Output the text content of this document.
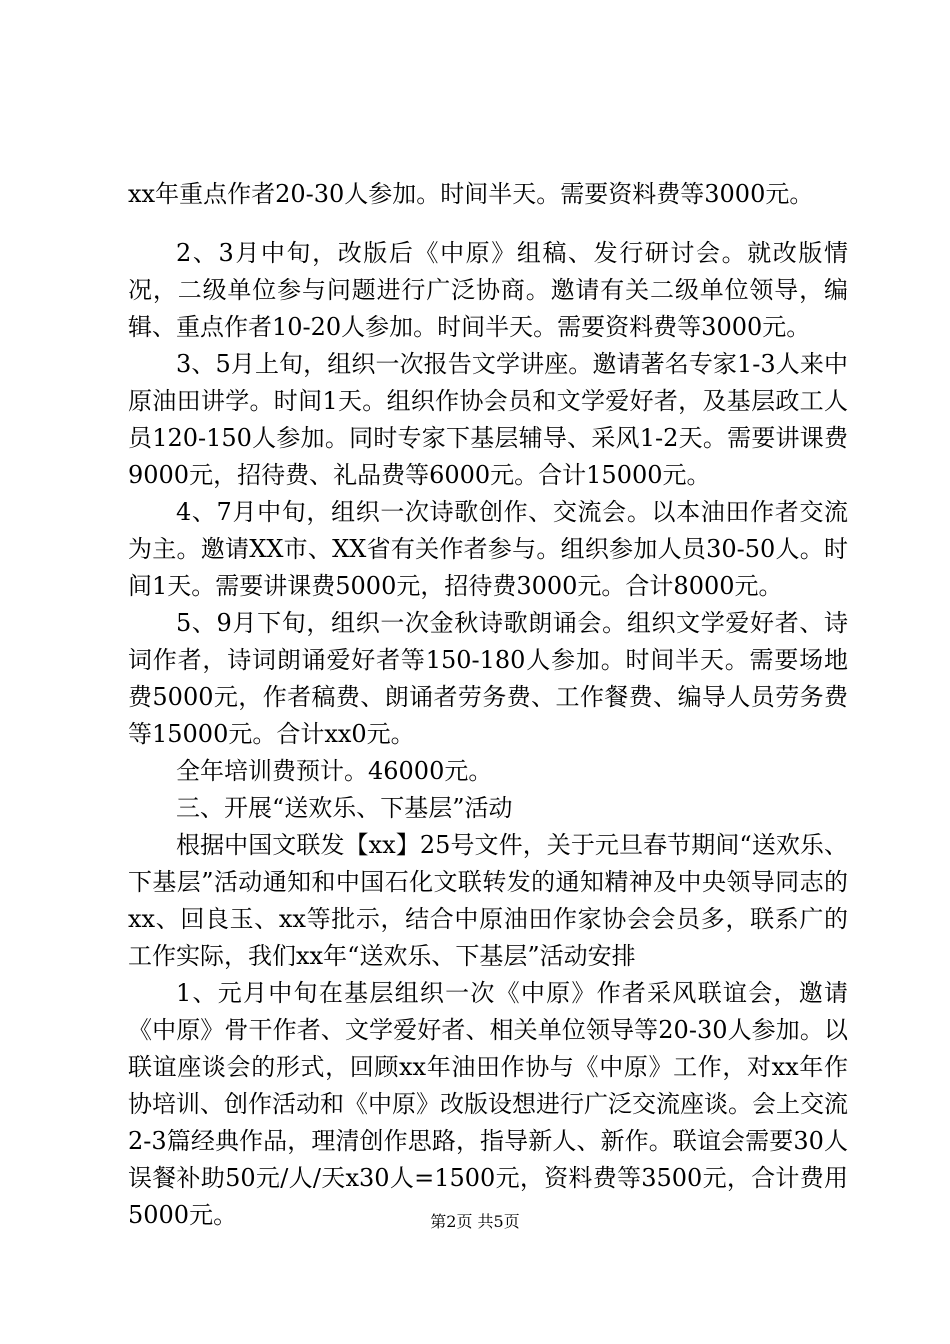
xx年重点作者20-30人参加。时间半天。需要资料费等3000元。

2、3月中旬，改版后《中原》组稿、发行研讨会。就改版情况，二级单位参与问题进行广泛协商。邀请有关二级单位领导，编辑、重点作者10-20人参加。时间半天。需要资料费等3000元。

3、5月上旬，组织一次报告文学讲座。邀请著名专家1-3人来中原油田讲学。时间1天。组织作协会员和文学爱好者，及基层政工人员120-150人参加。同时专家下基层辅导、采风1-2天。需要讲课费9000元，招待费、礼品费等6000元。合计15000元。

4、7月中旬，组织一次诗歌创作、交流会。以本油田作者交流为主。邀请XX市、XX省有关作者参与。组织参加人员30-50人。时间1天。需要讲课费5000元，招待费3000元。合计8000元。

5、9月下旬，组织一次金秋诗歌朗诵会。组织文学爱好者、诗词作者，诗词朗诵爱好者等150-180人参加。时间半天。需要场地费5000元，作者稿费、朗诵者劳务费、工作餐费、编导人员劳务费等15000元。合计xx0元。

全年培训费预计。46000元。

三、开展“送欢乐、下基层”活动

根据中国文联发【xx】25号文件，关于元旦春节期间“送欢乐、下基层”活动通知和中国石化文联转发的通知精神及中央领导同志的xx、回良玉、xx等批示，结合中原油田作家协会会员多，联系广的工作实际，我们xx年“送欢乐、下基层”活动安排

1、元月中旬在基层组织一次《中原》作者采风联谊会，邀请《中原》骨干作者、文学爱好者、相关单位领导等20-30人参加。以联谊座谈会的形式，回顾xx年油田作协与《中原》工作，对xx年作协培训、创作活动和《中原》改版设想进行广泛交流座谈。会上交流2-3篇经典作品，理清创作思路，指导新人、新作。联谊会需要30人误餐补助50元/人/天x30人=1500元，资料费等3500元，合计费用5000元。	第2页 共5页
